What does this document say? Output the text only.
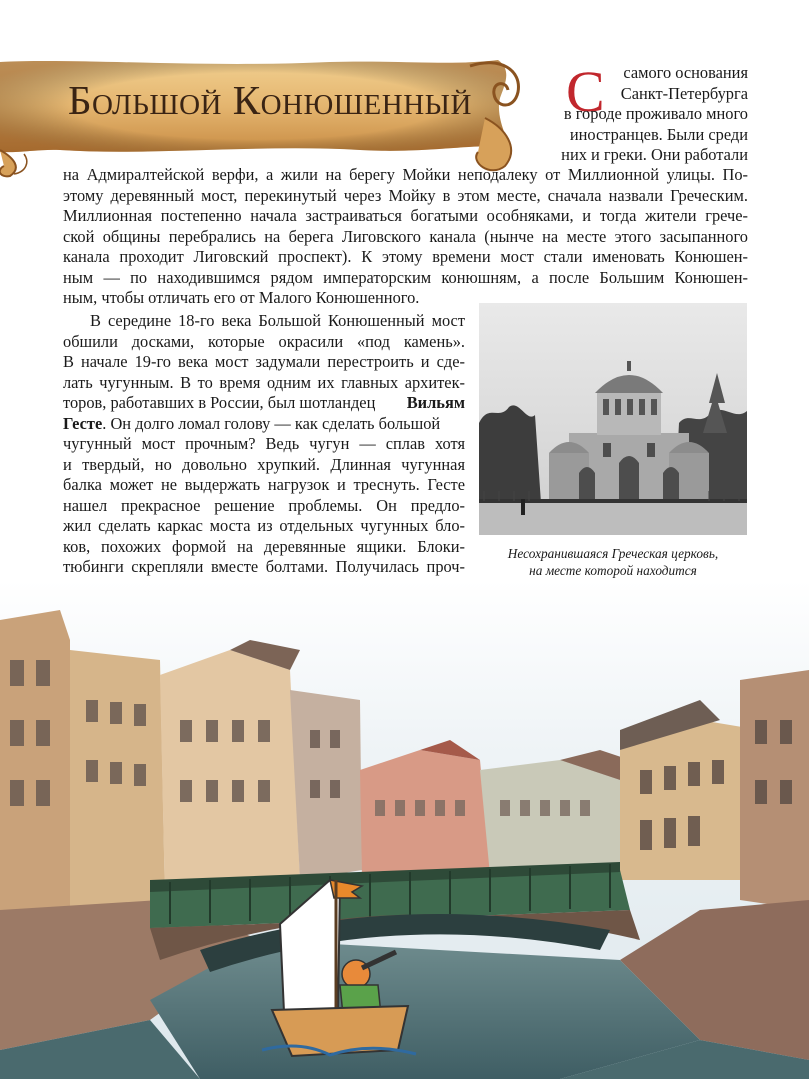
Большой Конюшенный С	самого основания
Санкт-Петербурга
в городе проживало много
иностранцев. Были среди
них и греки. Они работали
на Адмиралтейской верфи, а жили на берегу Мойки неподалеку от Миллионной улицы. По-
этому деревянный мост, перекинутый через Мойку в этом месте, сначала назвали Греческим.
Миллионная постепенно начала застраиваться богатыми особняками, и тогда жители грече-
ской общины перебрались на берега Лиговского канала (нынче на месте этого засыпанного
канала проходит Лиговский проспект). К этому времени мост стали именовать Конюшен-
ным — по находившимся рядом императорским конюшням, а после Большим Конюшен-
ным, чтобы отличать его от Малого Конюшенного.
В середине 18-го века Большой Конюшенный мост
обшили досками, которые окрасили «под камень».
В начале 19-го века мост задумали перестроить и сде-
лать чугунным. В то время одним их главных архитек-
торов, работавших в России, был шотландец Вильям
Гесте. Он долго ломал голову — как сделать большой
чугунный мост прочным? Ведь чугун — сплав хотя
и твердый, но довольно хрупкий. Длинная чугунная
балка может не выдержать нагрузок и треснуть. Гесте
нашел прекрасное решение проблемы. Он предло-
жил сделать каркас моста из отдельных чугунных бло-
ков, похожих формой на деревянные ящики. Блоки-
тюбинги скрепляли вместе болтами. Получилась проч-
Несохранившаяся Греческая церковь,
на месте которой находится
